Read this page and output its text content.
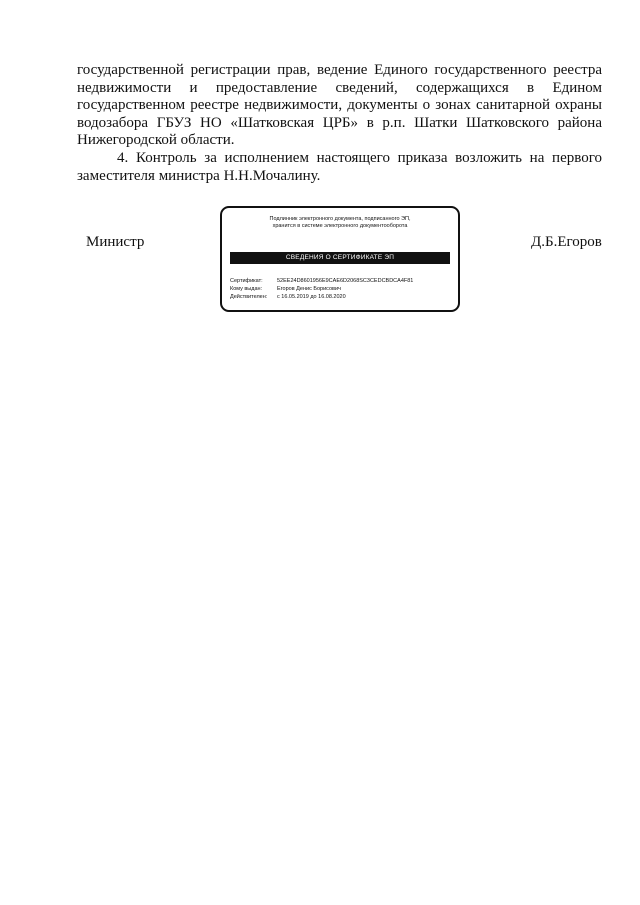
государственной регистрации прав, ведение Единого государственного реестра недвижимости и предоставление сведений, содержащихся в Едином государственном реестре недвижимости, документы о зонах санитарной охраны водозабора ГБУЗ НО «Шатковская ЦРБ» в р.п. Шатки Шатковского района Нижегородской области.

4. Контроль за исполнением настоящего приказа возложить на первого заместителя министра Н.Н.Мочалину.

Министр
Подлинник электронного документа, подписанного ЭП,
хранится в системе электронного документооборота
СВЕДЕНИЯ О СЕРТИФИКАТЕ ЭП
Сертификат:	52EE24D8601956E9CAE6D2068SC3CEDCBDCA4F81
Кому выдан:	Егоров Денис Борисович
Действителен:	с 16.05.2019 до 16.08.2020
Д.Б.Егоров
